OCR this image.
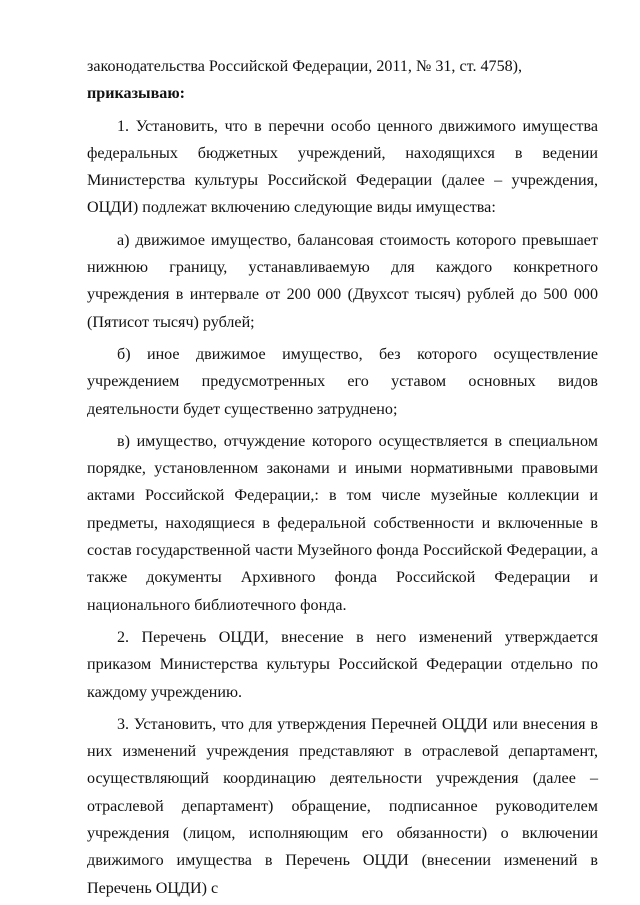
законодательства Российской Федерации, 2011, № 31, ст. 4758),

приказываю:

1. Установить, что в перечни особо ценного движимого имущества федеральных бюджетных учреждений, находящихся в ведении Министерства культуры Российской Федерации (далее – учреждения, ОЦДИ) подлежат включению следующие виды имущества:

а) движимое имущество, балансовая стоимость которого превышает нижнюю границу, устанавливаемую для каждого конкретного учреждения в интервале от 200 000 (Двухсот тысяч) рублей до 500 000 (Пятисот тысяч) рублей;

б) иное движимое имущество, без которого осуществление учреждением предусмотренных его уставом основных видов деятельности будет существенно затруднено;

в) имущество, отчуждение которого осуществляется в специальном порядке, установленном законами и иными нормативными правовыми актами Российской Федерации,: в том числе музейные коллекции и предметы, находящиеся в федеральной собственности и включенные в состав государственной части Музейного фонда Российской Федерации, а также документы Архивного фонда Российской Федерации и национального библиотечного фонда.

2. Перечень ОЦДИ, внесение в него изменений утверждается приказом Министерства культуры Российской Федерации отдельно по каждому учреждению.

3. Установить, что для утверждения Перечней ОЦДИ или внесения в них изменений учреждения представляют в отраслевой департамент, осуществляющий координацию деятельности учреждения (далее – отраслевой департамент) обращение, подписанное руководителем учреждения (лицом, исполняющим его обязанности) о включении движимого имущества в Перечень ОЦДИ (внесении изменений в Перечень ОЦДИ) с
